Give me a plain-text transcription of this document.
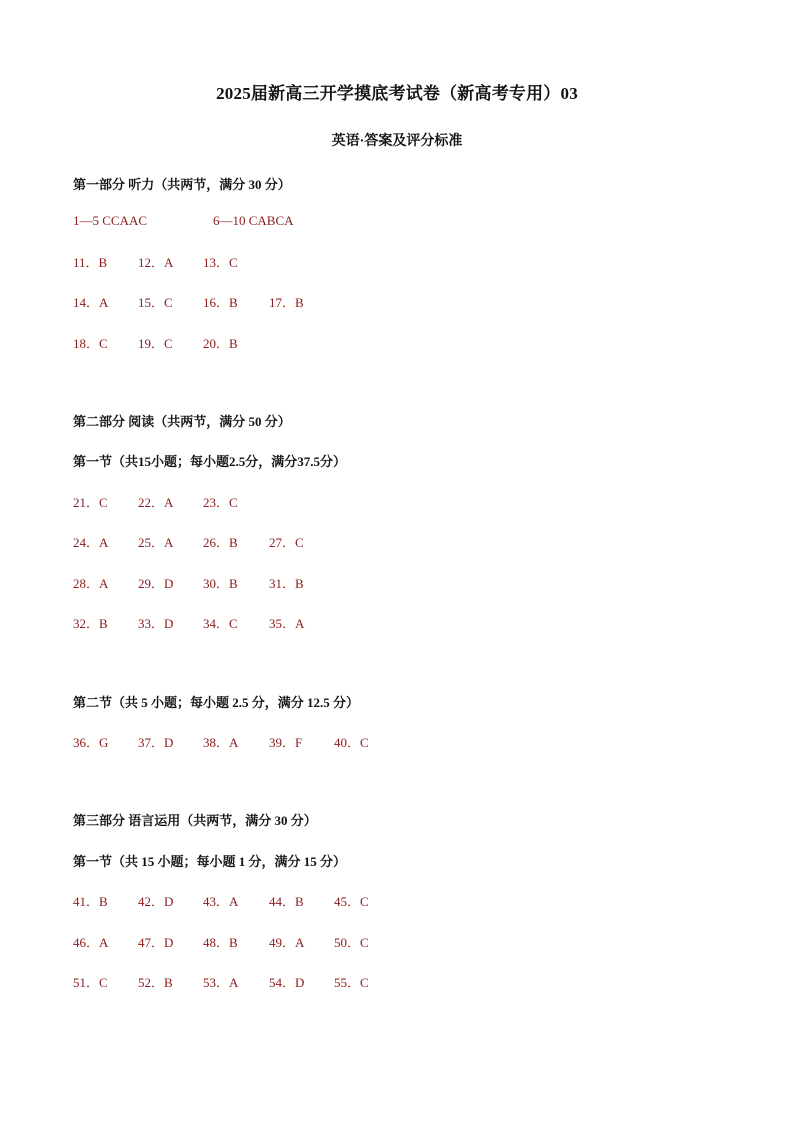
2025届新高三开学摸底考试卷（新高考专用）03
英语·答案及评分标准
第一部分 听力（共两节，满分 30 分）
1—5 CCAAC	6—10 CABCA
11．B 12．A 13．C
14．A 15．C 16．B 17．B
18．C 19．C 20．B
第二部分 阅读（共两节，满分 50 分）
第一节（共15小题；每小题2.5分，满分37.5分）
21．C 22．A 23．C
24．A 25．A 26．B 27．C
28．A 29．D 30．B 31．B
32．B 33．D 34．C 35．A
第二节（共 5 小题；每小题 2.5 分，满分 12.5 分）
36．G 37．D 38．A 39．F 40．C
第三部分 语言运用（共两节，满分 30 分）
第一节（共 15 小题；每小题 1 分，满分 15 分）
41．B 42．D 43．A 44．B 45．C
46．A 47．D 48．B 49．A 50．C
51．C 52．B 53．A 54．D 55．C
